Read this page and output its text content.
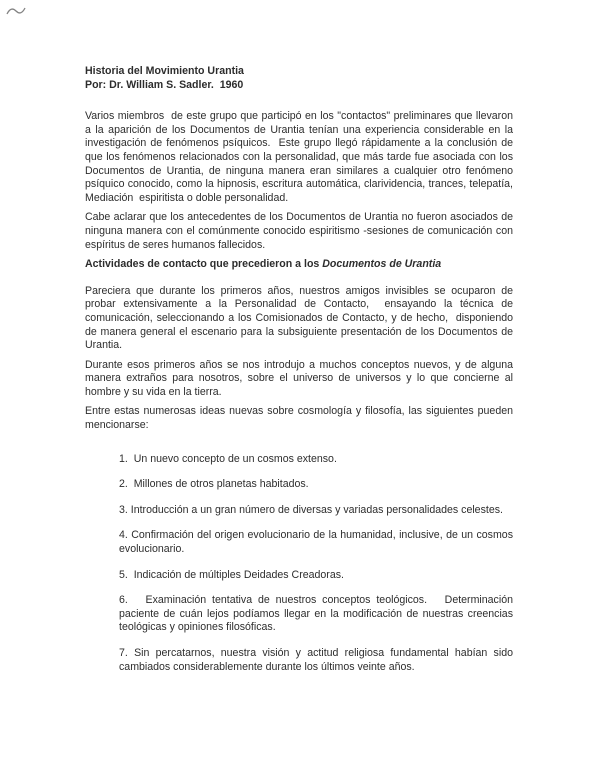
Historia del Movimiento Urantia
Por: Dr. William S. Sadler.  1960

Varios miembros  de este grupo que participó en los "contactos" preliminares que llevaron a la aparición de los Documentos de Urantia tenían una experiencia considerable en la investigación de fenómenos psíquicos.  Este grupo llegó rápidamente a la conclusión de que los fenómenos relacionados con la personalidad, que más tarde fue asociada con los Documentos de Urantia, de ninguna manera eran similares a cualquier otro fenómeno psíquico conocido, como la hipnosis, escritura automática, clarividencia, trances, telepatía, Mediación  espiritista o doble personalidad.

Cabe aclarar que los antecedentes de los Documentos de Urantia no fueron asociados de ninguna manera con el comúnmente conocido espiritismo -sesiones de comunicación con espíritus de seres humanos fallecidos.

Actividades de contacto que precedieron a los Documentos de Urantia

Pareciera que durante los primeros años, nuestros amigos invisibles se ocuparon de probar extensivamente a la Personalidad de Contacto,  ensayando la técnica de comunicación, seleccionando a los Comisionados de Contacto, y de hecho,  disponiendo de manera general el escenario para la subsiguiente presentación de los Documentos de Urantia.

Durante esos primeros años se nos introdujo a muchos conceptos nuevos, y de alguna manera extraños para nosotros, sobre el universo de universos y lo que concierne al hombre y su vida en la tierra.

Entre estas numerosas ideas nuevas sobre cosmología y filosofía, las siguientes pueden mencionarse:

1.  Un nuevo concepto de un cosmos extenso.

2.  Millones de otros planetas habitados.

3. Introducción a un gran número de diversas y variadas personalidades celestes.

4. Confirmación del origen evolucionario de la humanidad, inclusive, de un cosmos evolucionario.

5.  Indicación de múltiples Deidades Creadoras.

6.   Examinación tentativa de nuestros conceptos teológicos.   Determinación paciente de cuán lejos podíamos llegar en la modificación de nuestras creencias teológicas y opiniones filosóficas.

7. Sin percatarnos, nuestra visión y actitud religiosa fundamental habían sido cambiados considerablemente durante los últimos veinte años.
